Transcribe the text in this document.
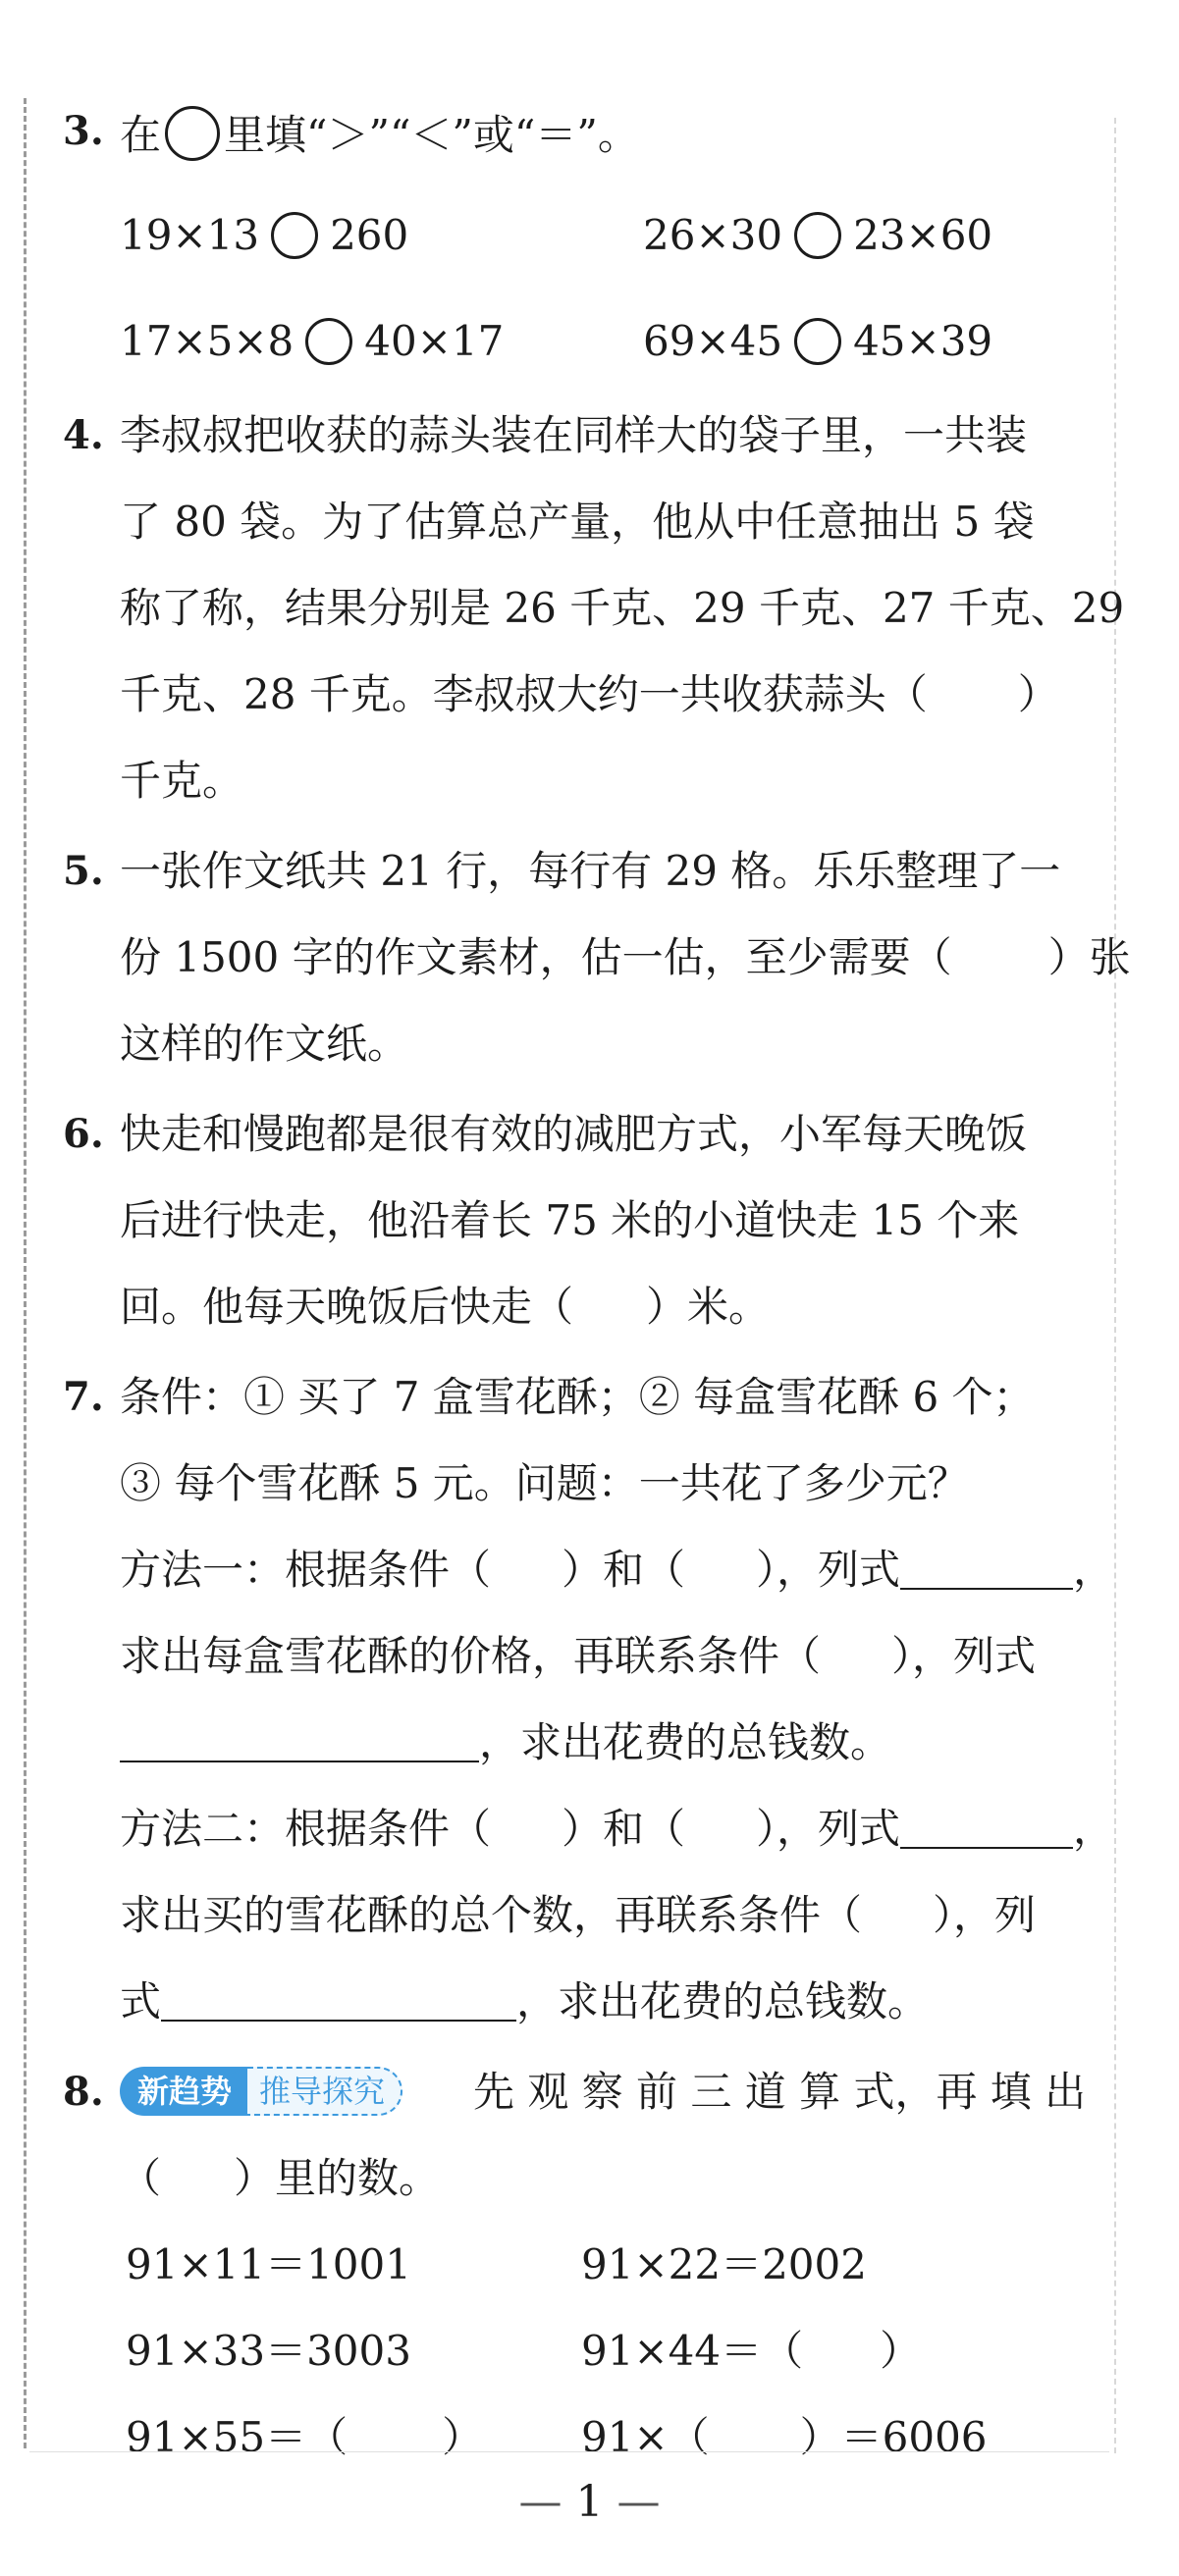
3. 在 里填“＞”“＜”或“＝”。
19×13 260	26×30 23×60
17×5×8 40×17	69×45 45×39
4. 李叔叔把收获的蒜头装在同样大的袋子里，一共装
了 80 袋。为了估算总产量，他从中任意抽出 5 袋
称了称，结果分别是 26 千克、29 千克、27 千克、29
千克、28 千克。李叔叔大约一共收获蒜头（ ）
千克。
5. 一张作文纸共 21 行，每行有 29 格。乐乐整理了一
份 1500 字的作文素材，估一估，至少需要（ ）张
这样的作文纸。
6. 快走和慢跑都是很有效的减肥方式，小军每天晚饭
后进行快走，他沿着长 75 米的小道快走 15 个来
回。他每天晚饭后快走（ ）米。
7. 条件：① 买了 7 盒雪花酥；② 每盒雪花酥 6 个；
③ 每个雪花酥 5 元。问题：一共花了多少元？
方法一：根据条件（ ）和（ ），列式	，
求出每盒雪花酥的价格，再联系条件（ ），列式
，求出花费的总钱数。
方法二：根据条件（ ）和（ ），列式	，
求出买的雪花酥的总个数，再联系条件（ ），列
式	，求出花费的总钱数。
8.	新趋势 推导探究	先 观 察 前 三 道 算 式，再 填 出
（ ）里的数。
91×11＝1001	91×22＝2002
91×33＝3003	91×44＝（ ）
91×55＝（ ） 91×（ ）＝6006
— 1 —
